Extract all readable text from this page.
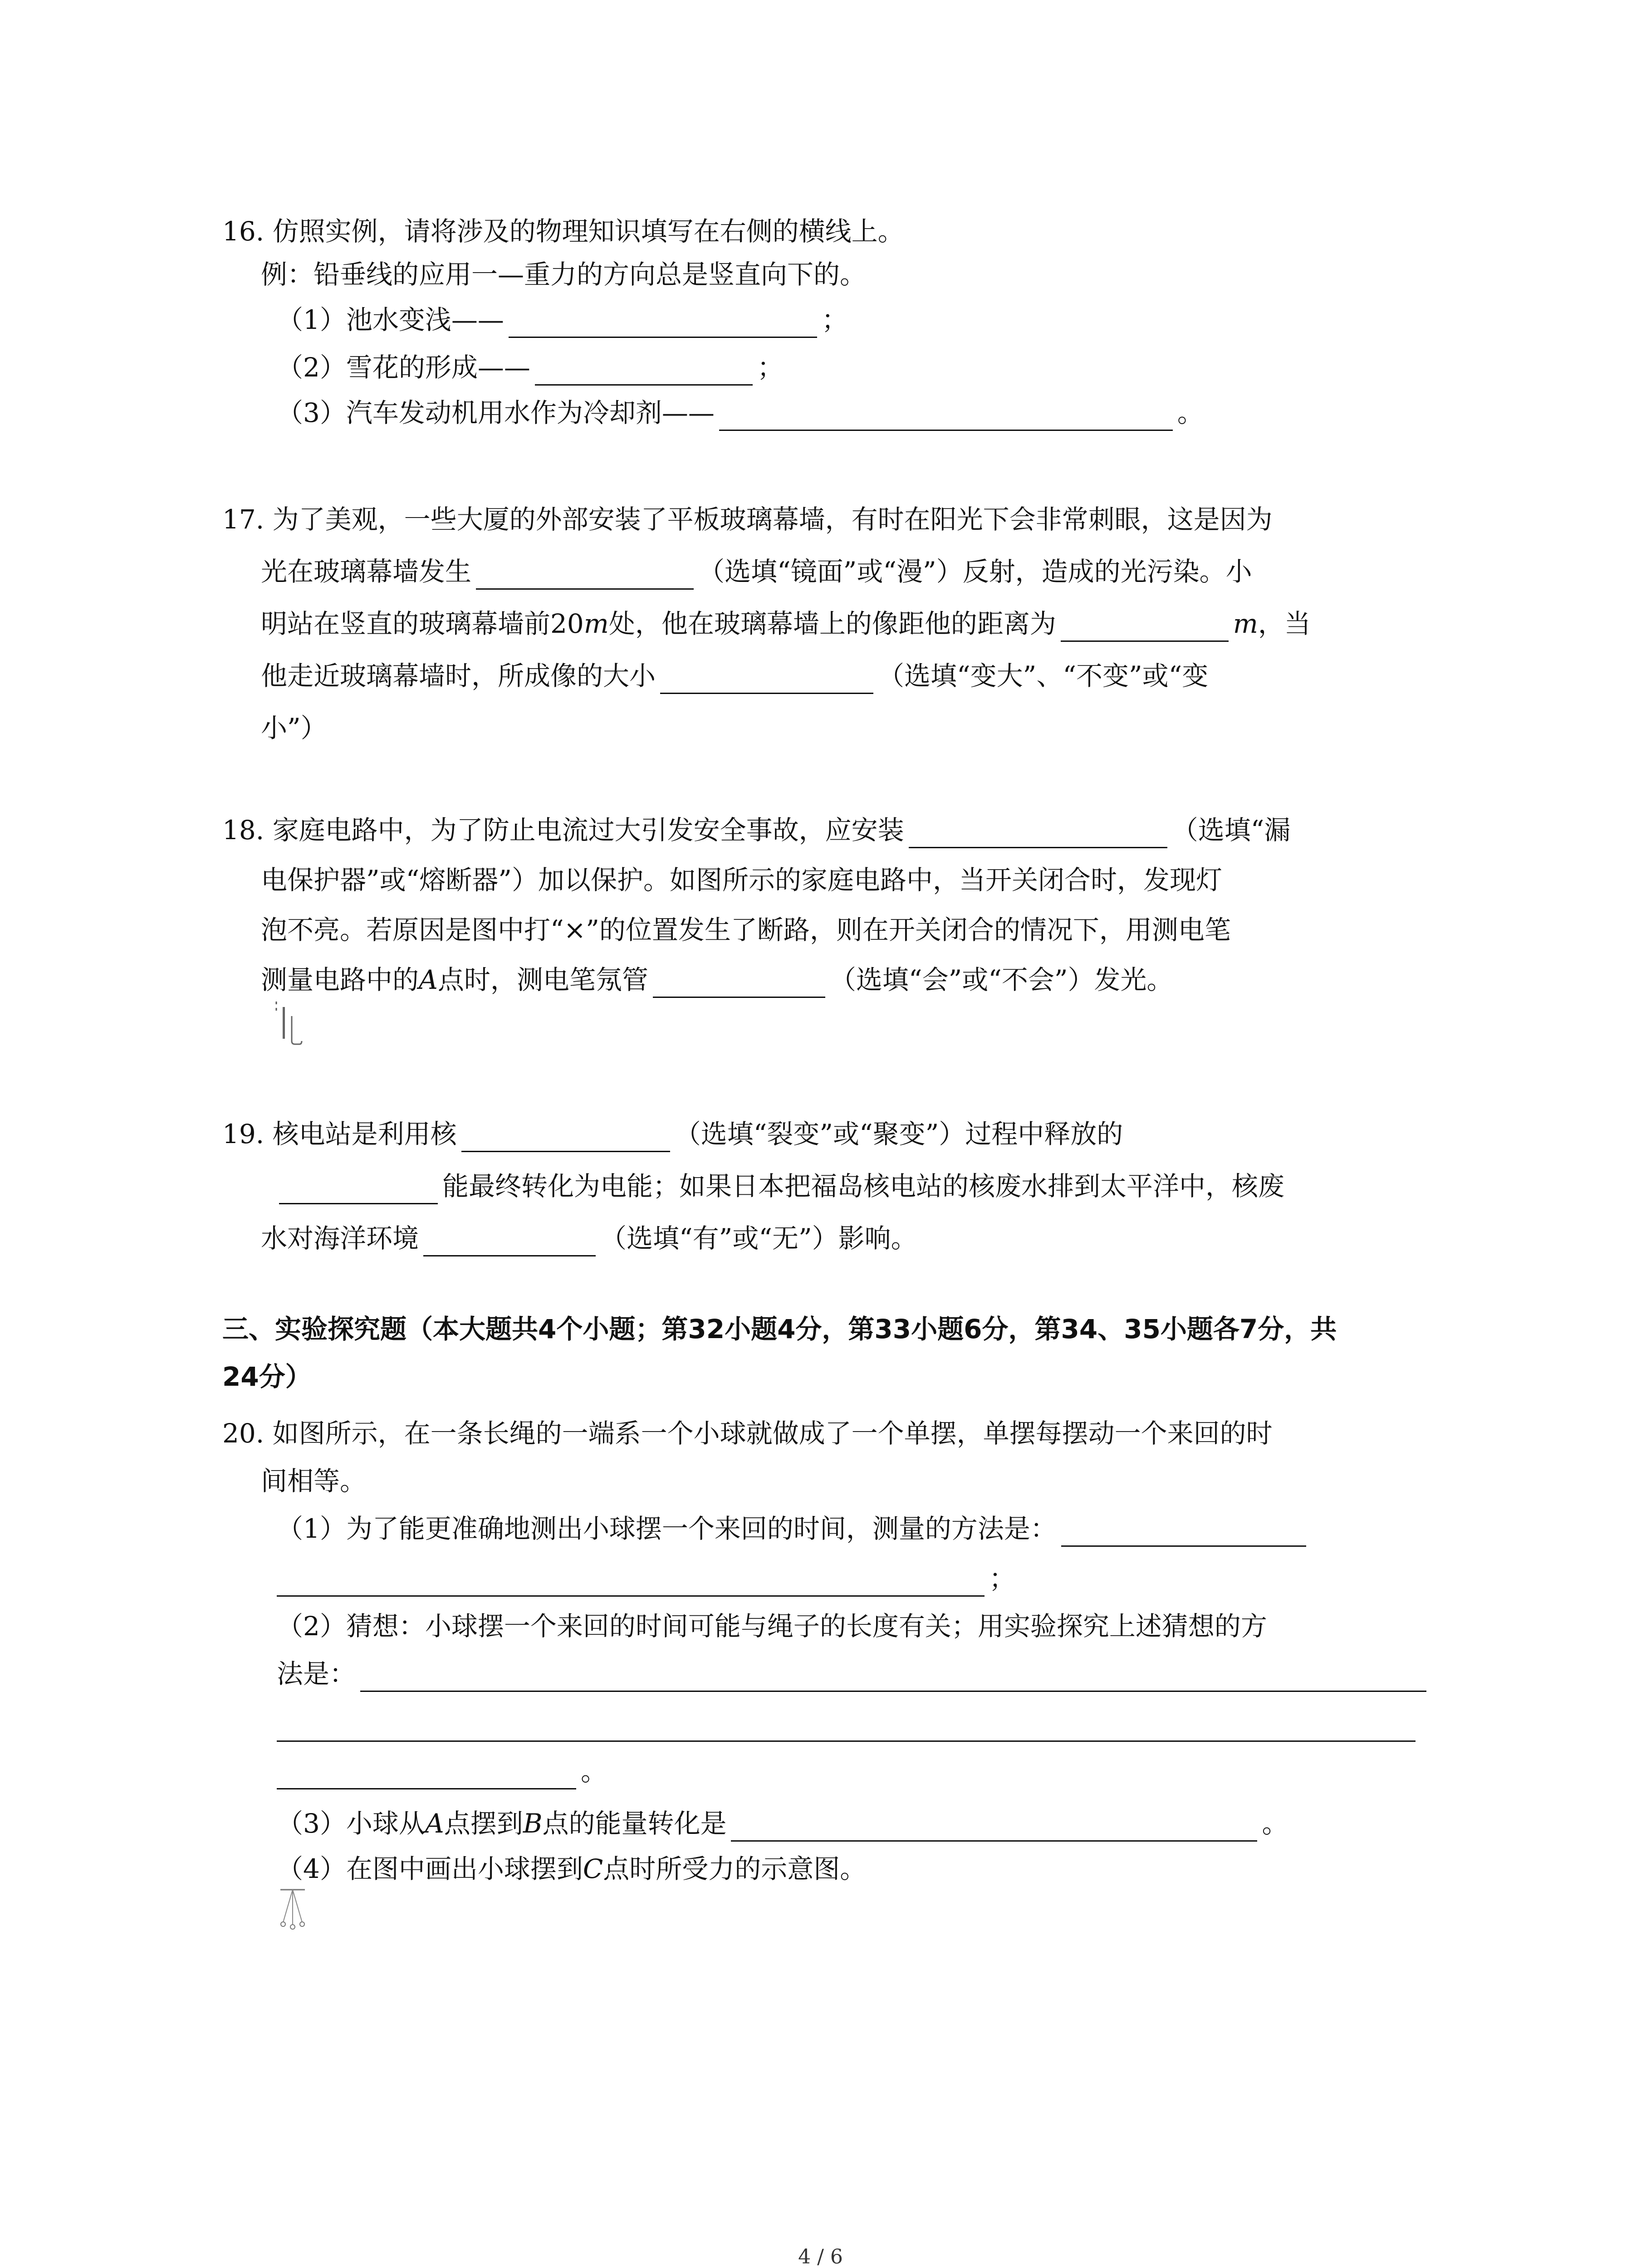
16. 仿照实例，请将涉及的物理知识填写在右侧的横线上。
例：铅垂线的应用一—重力的方向总是竖直向下的。
（1）池水变浅——	；
（2）雪花的形成——	；
（3）汽车发动机用水作为冷却剂——	。
17. 为了美观，一些大厦的外部安装了平板玻璃幕墙，有时在阳光下会非常刺眼，这是因为
光在玻璃幕墙发生	（选填“镜面”或“漫”）反射，造成的光污染。小
明站在竖直的玻璃幕墙前20m处，他在玻璃幕墙上的像距他的距离为	m，当
他走近玻璃幕墙时，所成像的大小	（选填“变大”、“不变”或“变
小”）
18. 家庭电路中，为了防止电流过大引发安全事故，应安装	（选填“漏
电保护器”或“熔断器”）加以保护。如图所示的家庭电路中，当开关闭合时，发现灯
泡不亮。若原因是图中打“×”的位置发生了断路，则在开关闭合的情况下，用测电笔
测量电路中的A点时，测电笔氖管	（选填“会”或“不会”）发光。
19. 核电站是利用核	（选填“裂变”或“聚变”）过程中释放的
能最终转化为电能；如果日本把福岛核电站的核废水排到太平洋中，核废
水对海洋环境	（选填“有”或“无”）影响。
三、实验探究题（本大题共4个小题；第32小题4分，第33小题6分，第34、35小题各7分，共
24分）
20. 如图所示，在一条长绳的一端系一个小球就做成了一个单摆，单摆每摆动一个来回的时
间相等。
（1）为了能更准确地测出小球摆一个来回的时间，测量的方法是：
；
（2）猜想：小球摆一个来回的时间可能与绳子的长度有关；用实验探究上述猜想的方
法是：
。
（3）小球从A点摆到B点的能量转化是	。
（4）在图中画出小球摆到C点时所受力的示意图。
4 / 6
